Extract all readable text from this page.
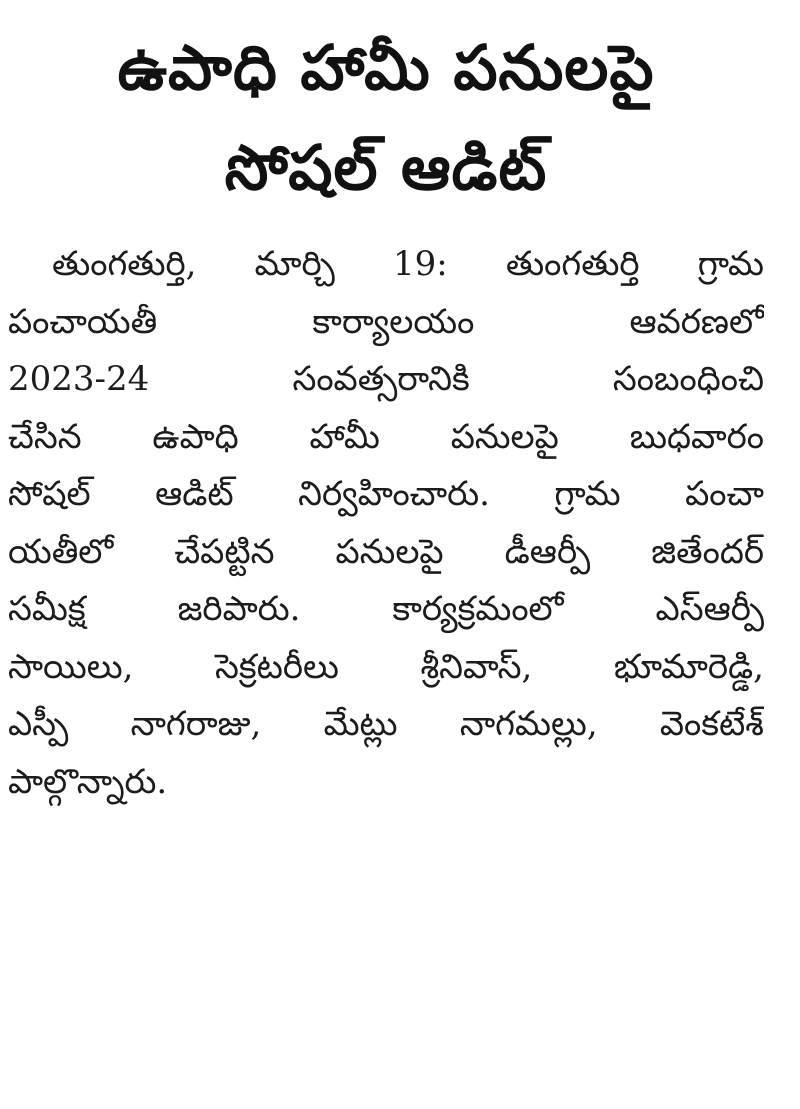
ఉపాధి హామీ పనులపై
సోషల్ ఆడిట్
తుంగతుర్తి, మార్చి 19: తుంగతుర్తి గ్రామ
పంచాయతీ కార్యాలయం ఆవరణలో
2023-24 సంవత్సరానికి సంబంధించి
చేసిన ఉపాధి హామీ పనులపై బుధవారం
సోషల్ ఆడిట్ నిర్వహించారు. గ్రామ పంచా
యతీలో చేపట్టిన పనులపై డీఆర్పీ జితేందర్
సమీక్ష జరిపారు. కార్యక్రమంలో ఎస్ఆర్పీ
సాయిలు, సెక్రటరీలు శ్రీనివాస్, భూమారెడ్డి,
ఎస్పీ నాగరాజు, మేట్లు నాగమల్లు, వెంకటేశ్
పాల్గొన్నారు.
